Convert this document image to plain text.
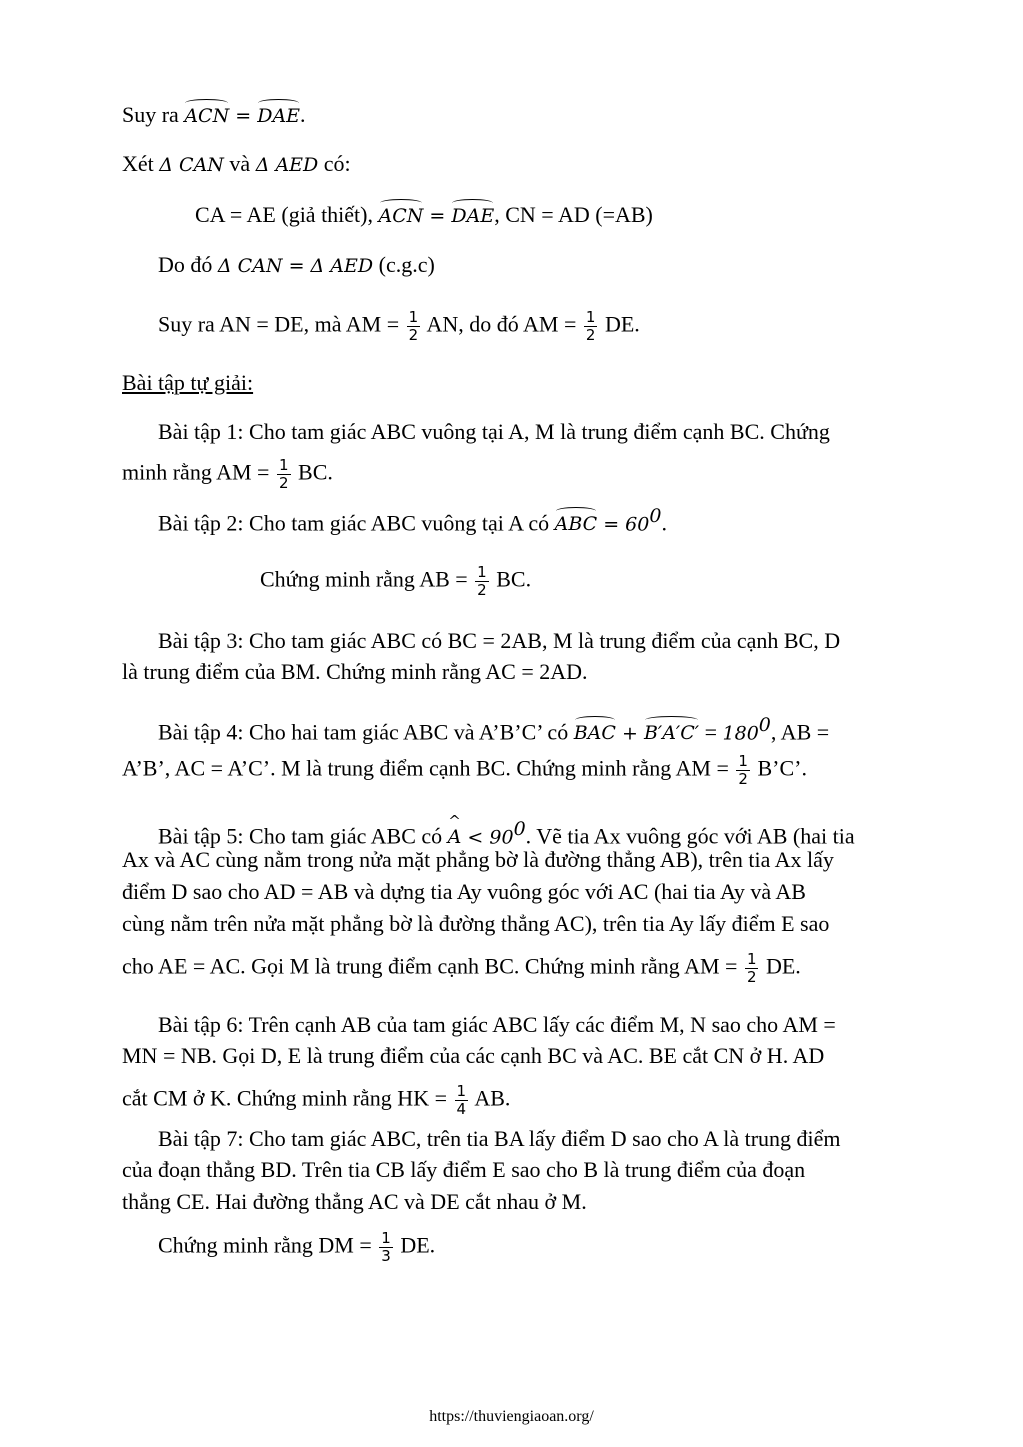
Suy ra ACN = DAE.
Xét Δ CAN và Δ AED có:
CA = AE (giả thiết), ACN = DAE, CN = AD (=AB)
Do đó Δ CAN = Δ AED (c.g.c)
Suy ra AN = DE, mà AM = $\frac{1}{2}$ AN, do đó AM = $\frac{1}{2}$ DE.
Bài tập tự giải:
Bài tập 1: Cho tam giác ABC vuông tại A, M là trung điểm cạnh BC. Chứng
minh rằng AM = $\frac{1}{2}$ BC.
Bài tập 2: Cho tam giác ABC vuông tại A có ABC = $60^0$.
Chứng minh rằng AB = $\frac{1}{2}$ BC.
Bài tập 3: Cho tam giác ABC có BC = 2AB, M là trung điểm của cạnh BC, D
là trung điểm của BM. Chứng minh rằng AC = 2AD.
Bài tập 4: Cho hai tam giác ABC và A’B’C’ có BAC + $B'A'C' = 180^0$, AB =
A’B’, AC = A’C’. M là trung điểm cạnh BC. Chứng minh rằng AM = $\frac{1}{2}$ B’C’.
Bài tập 5: Cho tam giác ABC có ^ $A < 90^0$. Vẽ tia Ax vuông góc với AB (hai tia
Ax và AC cùng nằm trong nửa mặt phẳng bờ là đường thẳng AB), trên tia Ax lấy
điểm D sao cho AD = AB và dựng tia Ay vuông góc với AC (hai tia Ay và AB
cùng nằm trên nửa mặt phẳng bờ là đường thẳng AC), trên tia Ay lấy điểm E sao
cho AE = AC. Gọi M là trung điểm cạnh BC. Chứng minh rằng AM = $\frac{1}{2}$ DE.
Bài tập 6: Trên cạnh AB của tam giác ABC lấy các điểm M, N sao cho AM =
MN = NB. Gọi D, E là trung điểm của các cạnh BC và AC. BE cắt CN ở H. AD
cắt CM ở K. Chứng minh rằng HK = $\frac{1}{4}$ AB.
Bài tập 7: Cho tam giác ABC, trên tia BA lấy điểm D sao cho A là trung điểm
của đoạn thẳng BD. Trên tia CB lấy điểm E sao cho B là trung điểm của đoạn
thẳng CE. Hai đường thẳng AC và DE cắt nhau ở M.
Chứng minh rằng DM = $\frac{1}{3}$ DE.
https://thuviengiaoan.org/
